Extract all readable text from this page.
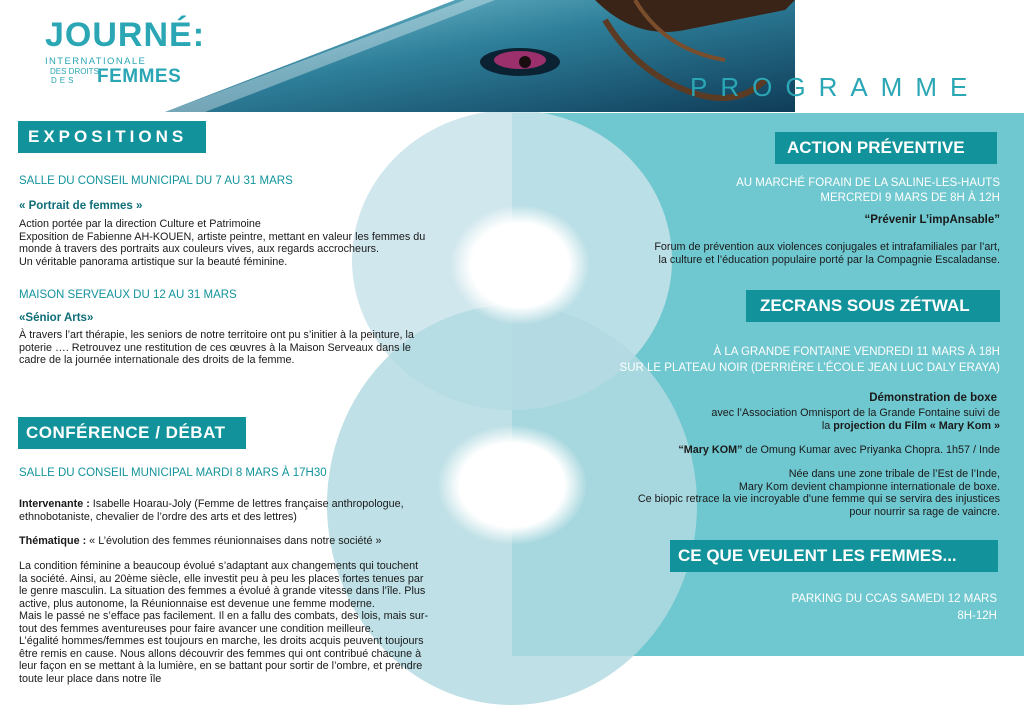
JOURNÉ:
INTERNATIONALE
DES DROITS
DES FEMMES	PROGRAMME
EXPOSITIONS
SALLE DU CONSEIL MUNICIPAL DU 7 AU 31 MARS
« Portrait de femmes »
Action portée par la direction Culture et Patrimoine
Exposition de Fabienne AH-KOUEN, artiste peintre, mettant en valeur les femmes du
monde à travers des portraits aux couleurs vives, aux regards accrocheurs.
Un véritable panorama artistique sur la beauté féminine.
MAISON SERVEAUX DU 12 AU 31 MARS
«Sénior Arts»
À travers l’art thérapie, les seniors de notre territoire ont pu s’initier à la peinture, la
poterie …. Retrouvez une restitution de ces œuvres à la Maison Serveaux dans le
cadre de la journée internationale des droits de la femme.
CONFÉRENCE / DÉBAT
SALLE DU CONSEIL MUNICIPAL MARDI 8 MARS À 17H30
Intervenante : Isabelle Hoarau-Joly (Femme de lettres française anthropologue,
ethnobotaniste, chevalier de l’ordre des arts et des lettres)
Thématique : « L’évolution des femmes réunionnaises dans notre société »
La condition féminine a beaucoup évolué s’adaptant aux changements qui touchent
la société. Ainsi, au 20ème siècle, elle investit peu à peu les places fortes tenues par
le genre masculin. La situation des femmes a évolué à grande vitesse dans l’île. Plus
active, plus autonome, la Réunionnaise est devenue une femme moderne.
Mais le passé ne s’efface pas facilement. Il en a fallu des combats, des lois, mais sur-
tout des femmes aventureuses pour faire avancer une condition meilleure.
L’égalité hommes/femmes est toujours en marche, les droits acquis peuvent toujours
être remis en cause. Nous allons découvrir des femmes qui ont contribué chacune à
leur façon en se mettant à la lumière, en se battant pour sortir de l’ombre, et prendre
toute leur place dans notre île
ACTION PRÉVENTIVE
AU MARCHÉ FORAIN DE LA SALINE-LES-HAUTS
MERCREDI 9 MARS DE 8H À 12H
“Prévenir L’impAnsable”
Forum de prévention aux violences conjugales et intrafamiliales par l’art,
la culture et l’éducation populaire porté par la Compagnie Escaladanse.
ZECRANS SOUS ZÉTWAL
À LA GRANDE FONTAINE VENDREDI 11 MARS À 18H
SUR LE PLATEAU NOIR (DERRIÈRE L’ÉCOLE JEAN LUC DALY ERAYA)
Démonstration de boxe
avec l’Association Omnisport de la Grande Fontaine suivi de
la projection du Film « Mary Kom »
“Mary KOM” de Omung Kumar avec Priyanka Chopra. 1h57 / Inde
Née dans une zone tribale de l’Est de l’Inde,
Mary Kom devient championne internationale de boxe.
Ce biopic retrace la vie incroyable d'une femme qui se servira des injustices
pour nourrir sa rage de vaincre.
CE QUE VEULENT LES FEMMES...
PARKING DU CCAS SAMEDI 12 MARS
8H-12H
